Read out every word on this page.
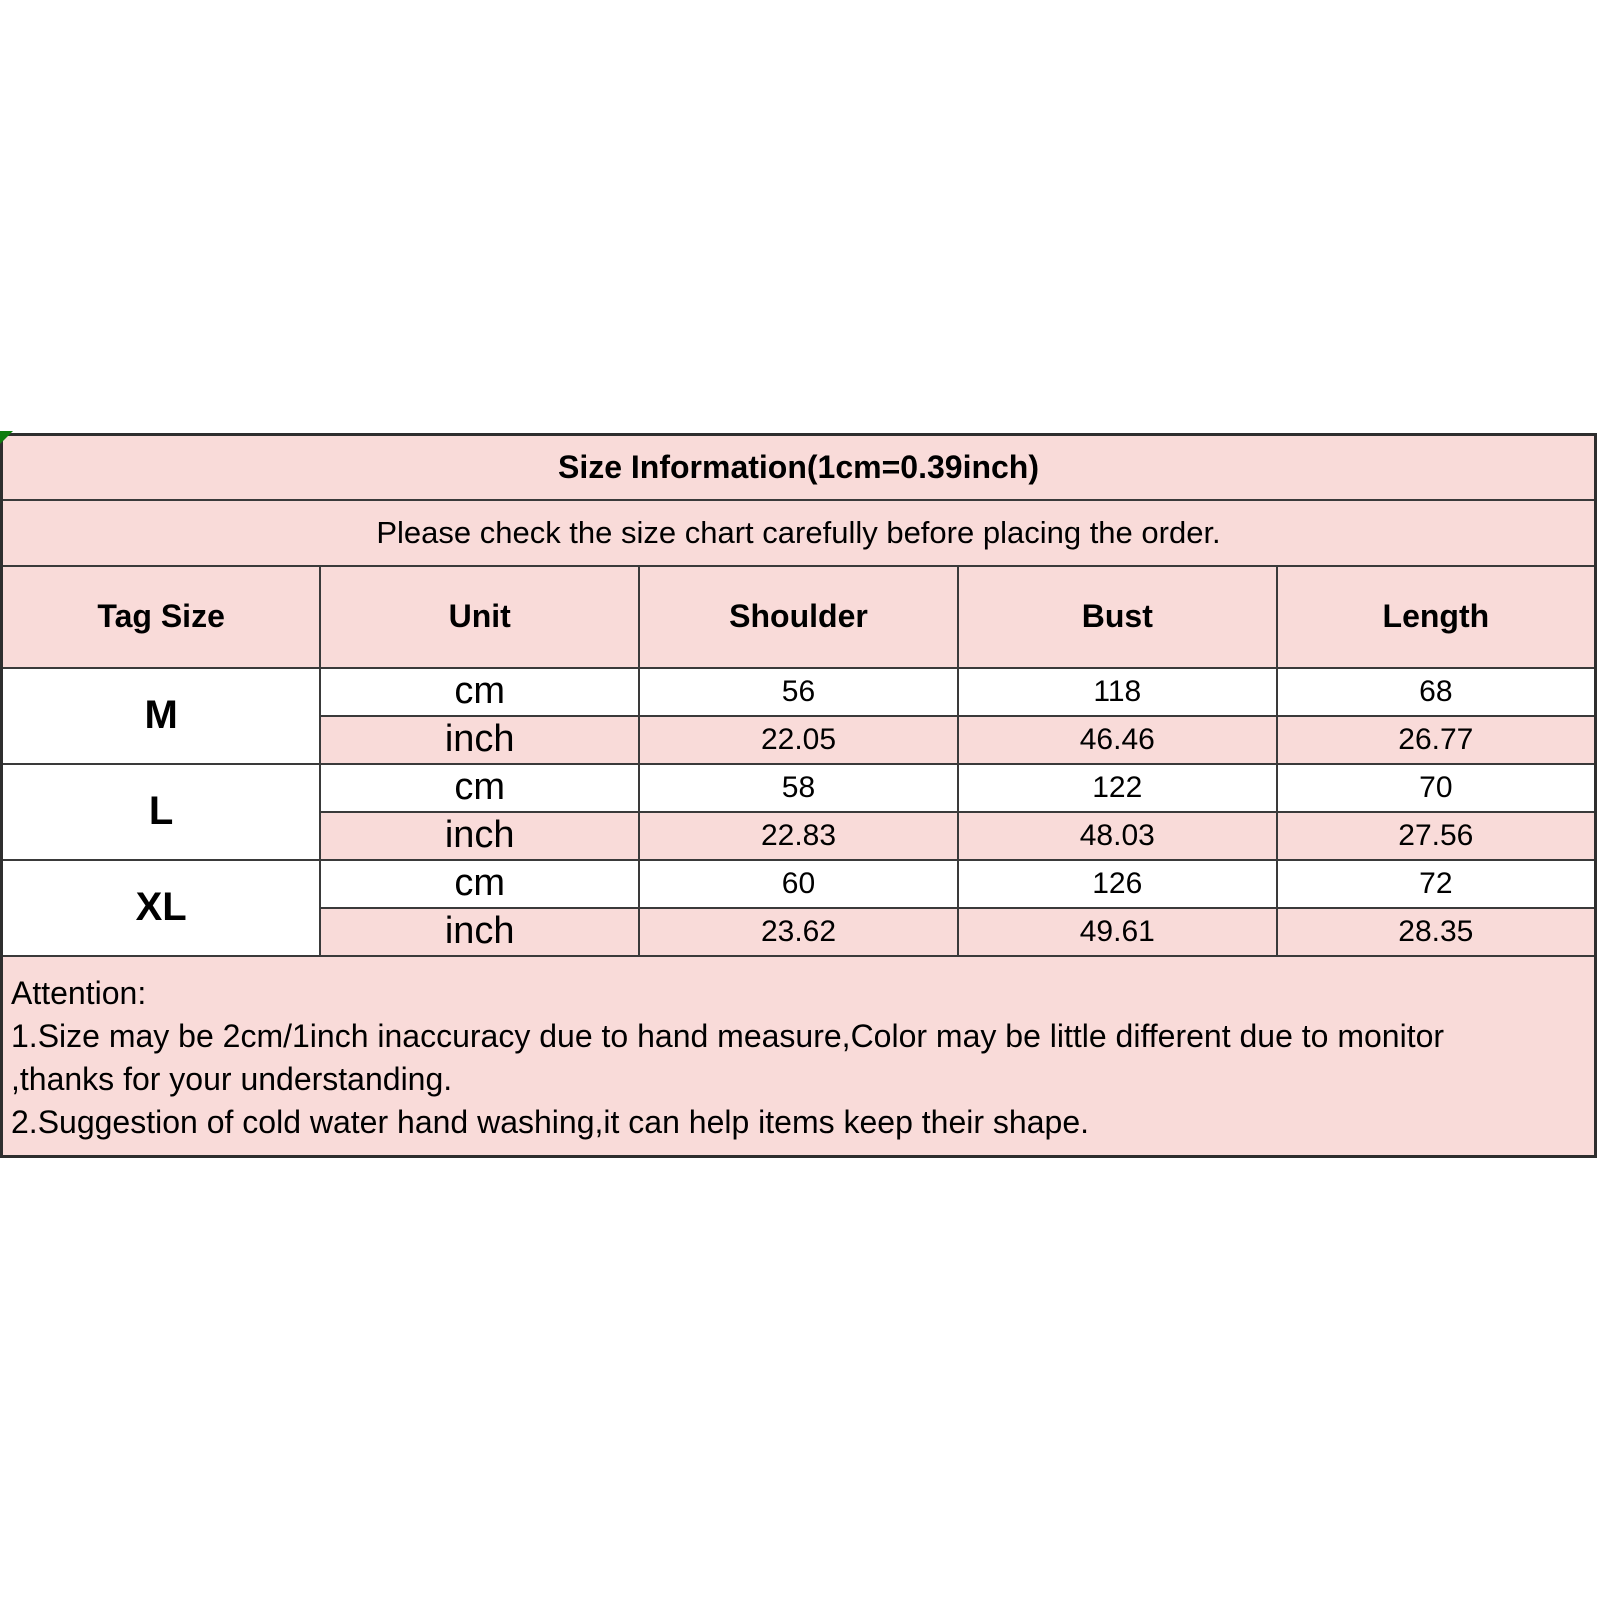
Size Information(1cm=0.39inch)				
Please check the size chart carefully before placing the order.				
Tag Size	Unit	Shoulder	Bust	Length
M	cm	56	118	68
	inch	22.05	46.46	26.77
L	cm	58	122	70
	inch	22.83	48.03	27.56
XL	cm	60	126	72
	inch	23.62	49.61	28.35

Attention:
1.Size may be 2cm/1inch inaccuracy due to hand measure,Color may be little different due to monitor
,thanks for your understanding.
2.Suggestion of cold water hand washing,it can help items keep their shape.				
